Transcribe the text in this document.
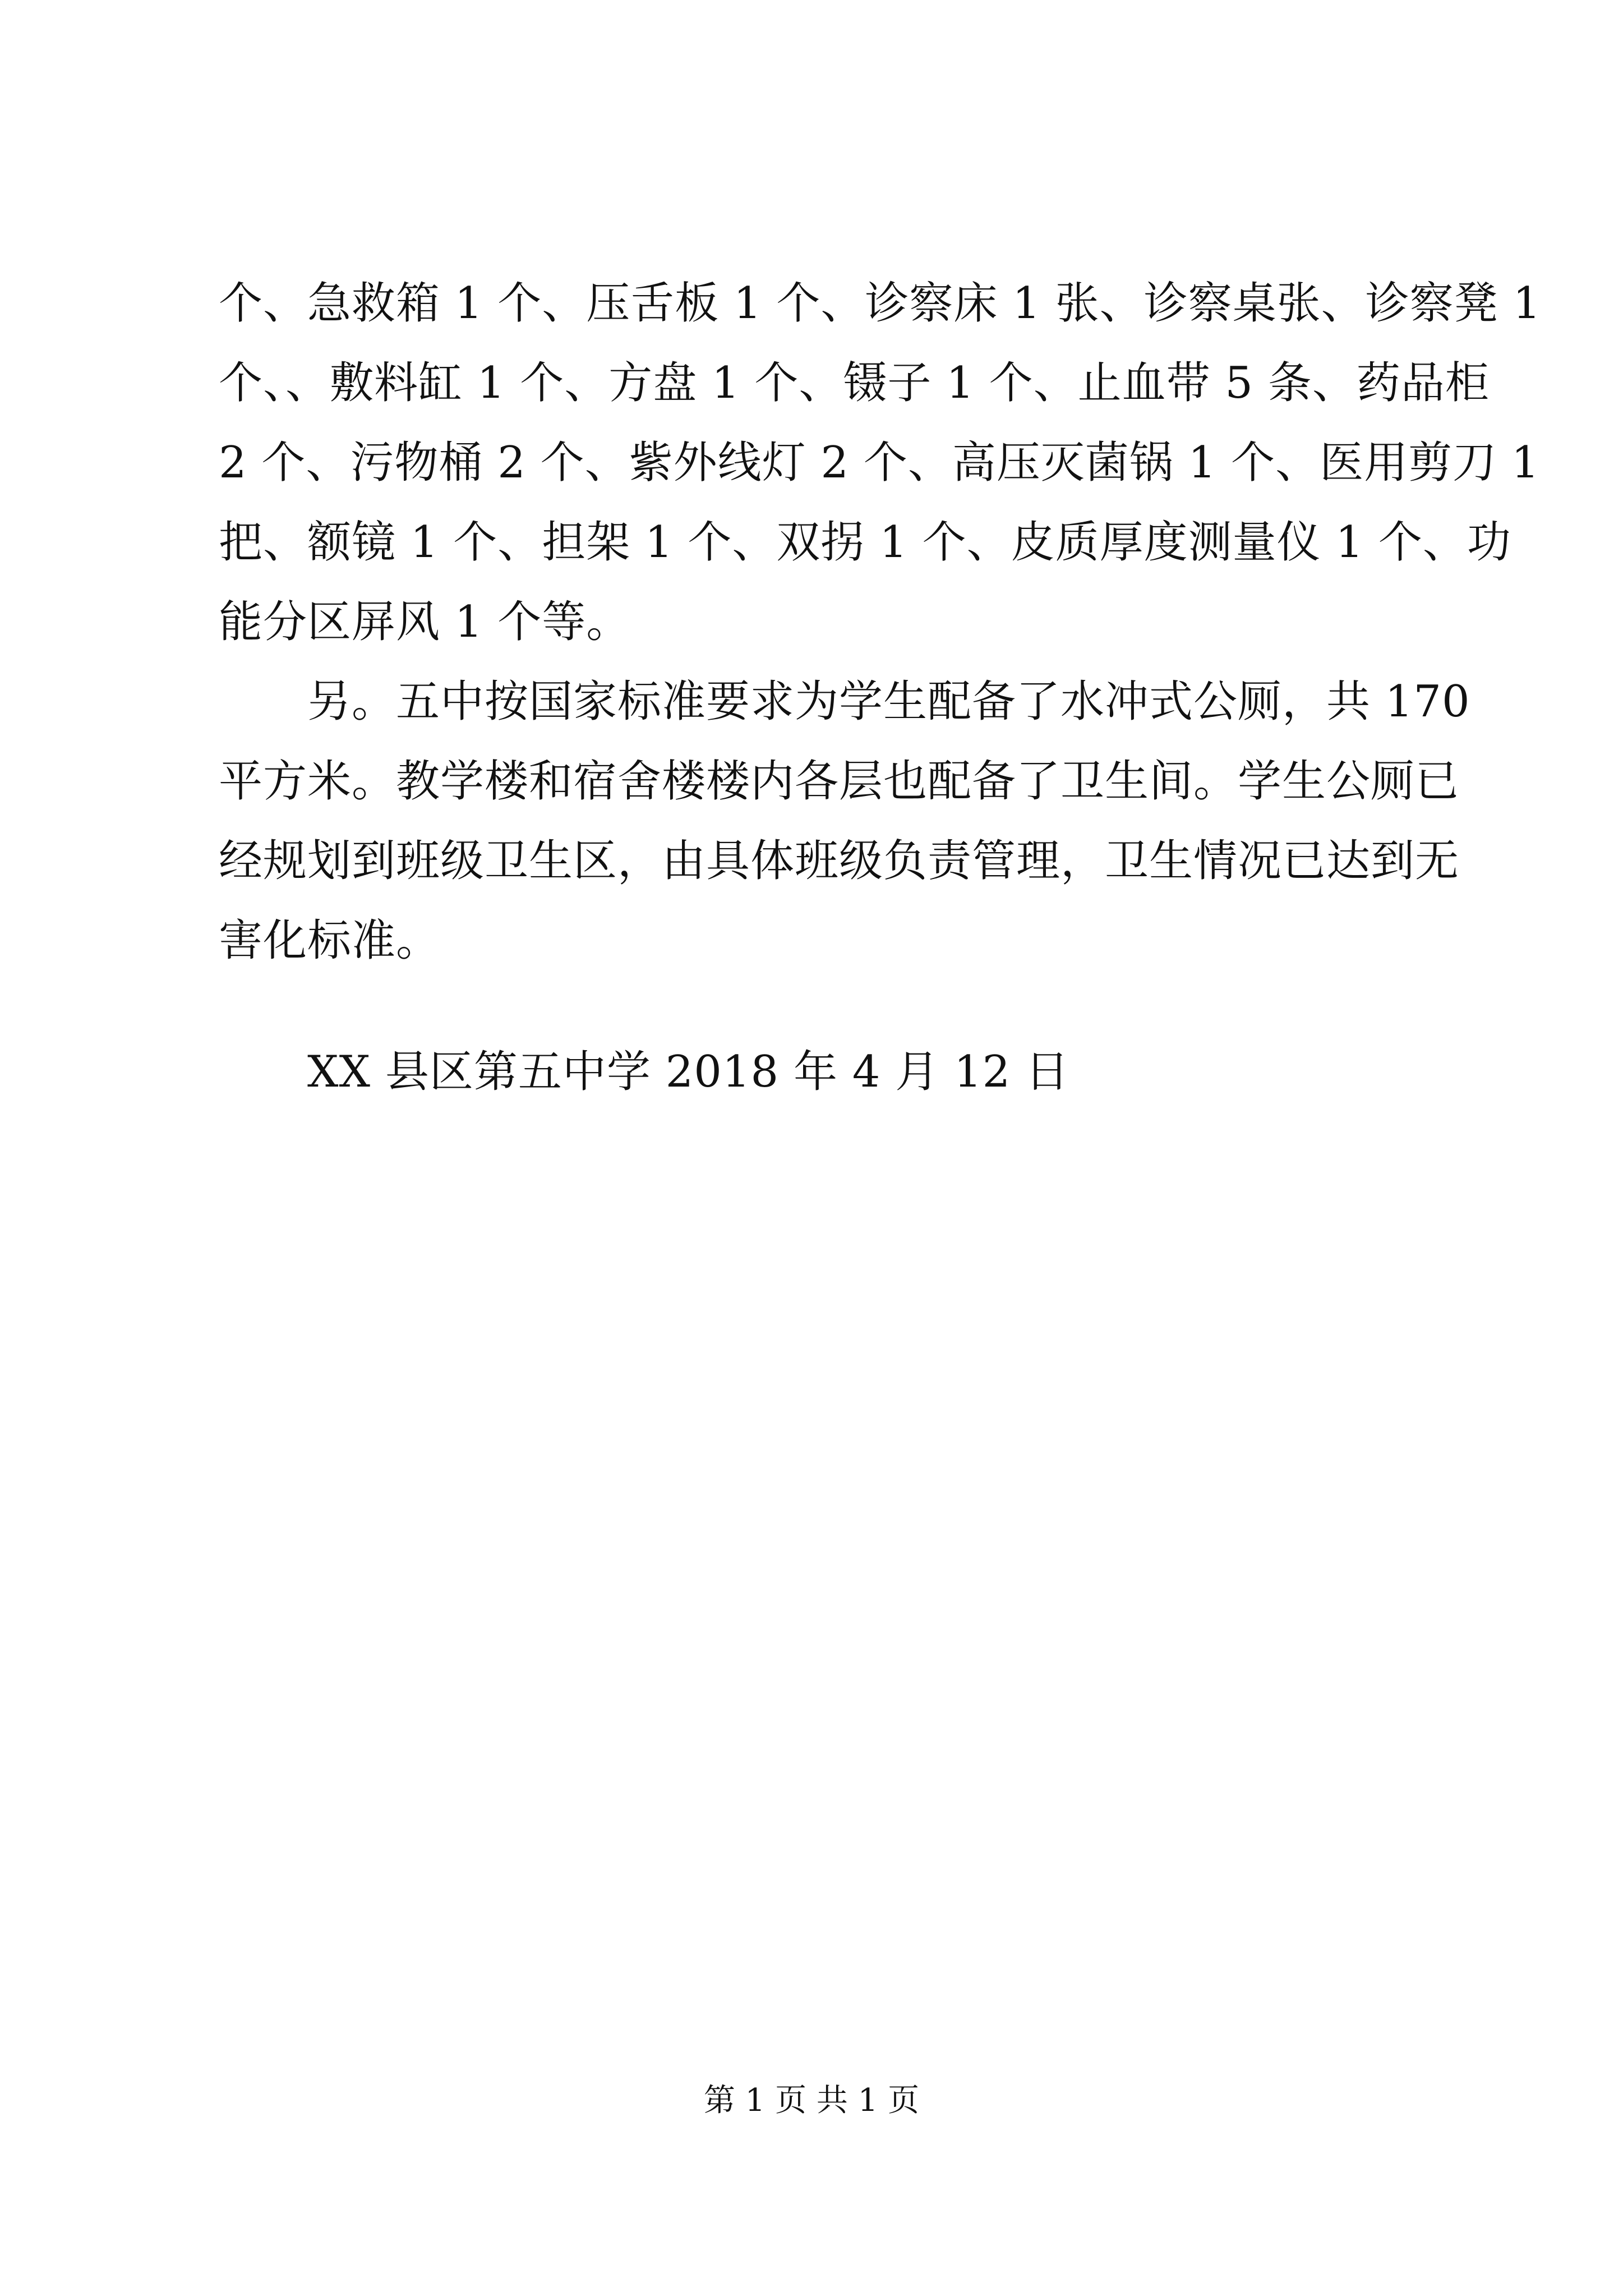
个、急救箱 1 个、压舌板 1 个、诊察床 1 张、诊察桌张、诊察凳 1
个、、敷料缸 1 个、方盘 1 个、镊子 1 个、止血带 5 条、药品柜
2 个、污物桶 2 个、紫外线灯 2 个、高压灭菌锅 1 个、医用剪刀 1
把、额镜 1 个、担架 1 个、双拐 1 个、皮质厚度测量仪 1 个、功
能分区屏风 1 个等。
另。五中按国家标准要求为学生配备了水冲式公厕，共 170
平方米。教学楼和宿舍楼楼内各层也配备了卫生间。学生公厕已
经规划到班级卫生区，由具体班级负责管理，卫生情况已达到无
害化标准。
XX 县区第五中学 2018 年 4 月 12 日
第 1 页 共 1 页
